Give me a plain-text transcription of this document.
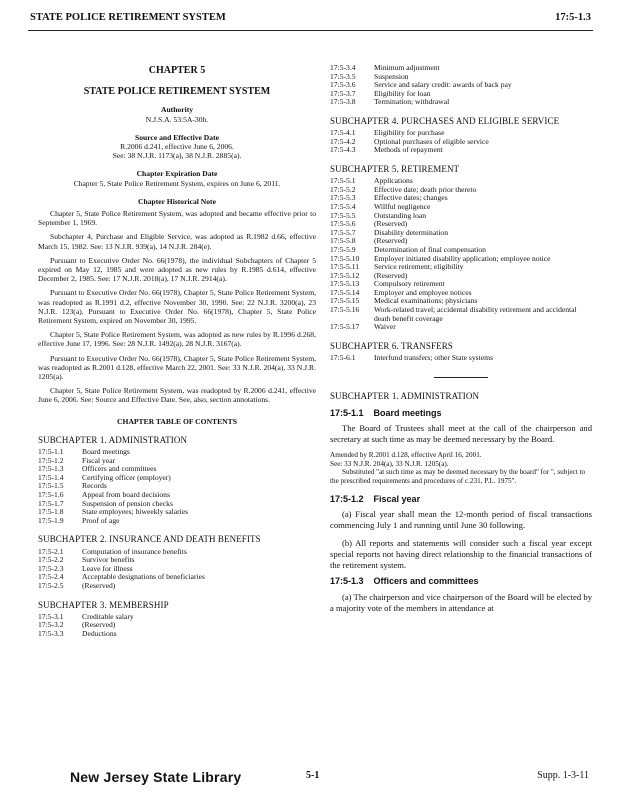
STATE POLICE RETIREMENT SYSTEM	17:5-1.3
CHAPTER 5
STATE POLICE RETIREMENT SYSTEM
Authority
N.J.S.A. 53:5A-30h.
Source and Effective Date
R.2006 d.241, effective June 6, 2006.
See: 38 N.J.R. 1173(a), 38 N.J.R. 2885(a).
Chapter Expiration Date
Chapter 5, State Police Retirement System, expires on June 6, 2011.
Chapter Historical Note

Chapter 5, State Police Retirement System, was adopted and became effective prior to September 1, 1969.

Subchapter 4, Purchase and Eligible Service, was adopted as R.1982 d.66, effective March 15, 1982. See: 13 N.J.R. 939(a), 14 N.J.R. 284(e).

Pursuant to Executive Order No. 66(1978), the individual Subchapters of Chapter 5 expired on May 12, 1985 and were adopted as new rules by R.1985 d.614, effective December 2, 1985. See: 17 N.J.R. 2018(a), 17 N.J.R. 2914(a).

Pursuant to Executive Order No. 66(1978), Chapter 5, State Police Retirement System, was readopted as R.1991 d.2, effective November 30, 1990. See: 22 N.J.R. 3200(a), 23 N.J.R. 123(a). Pursuant to Executive Order No. 66(1978), Chapter 5, State Police Retirement System, expired on November 30, 1995.

Chapter 5, State Police Retirement System, was adopted as new rules by R.1996 d.268, effective June 17, 1996. See: 28 N.J.R. 1492(a), 28 N.J.R. 3167(a).

Pursuant to Executive Order No. 66(1978), Chapter 5, State Police Retirement System, was readopted as R.2001 d.128, effective March 22, 2001. See: 33 N.J.R. 204(a), 33 N.J.R. 1205(a).

Chapter 5, State Police Retirement System, was readopted by R.2006 d.241, effective June 6, 2006. See: Source and Effective Date. See, also, section annotations.

CHAPTER TABLE OF CONTENTS
SUBCHAPTER 1. ADMINISTRATION
17:5-1.1	Board meetings
17:5-1.2	Fiscal year
17:5-1.3	Officers and committees
17:5-1.4	Certifying officer (employer)
17:5-1.5	Records
17:5-1.6	Appeal from board decisions
17:5-1.7	Suspension of pension checks
17:5-1.8	State employees; biweekly salaries
17:5-1.9	Proof of age
SUBCHAPTER 2. INSURANCE AND DEATH BENEFITS
17:5-2.1	Computation of insurance benefits
17:5-2.2	Survivor benefits
17:5-2.3	Leave for illness
17:5-2.4	Acceptable designations of beneficiaries
17:5-2.5	(Reserved)
SUBCHAPTER 3. MEMBERSHIP
17:5-3.1	Creditable salary
17:5-3.2	(Reserved)
17:5-3.3	Deductions
17:5-3.4	Minimum adjustment
17:5-3.5	Suspension
17:5-3.6	Service and salary credit: awards of back pay
17:5-3.7	Eligibility for loan
17:5-3.8	Termination; withdrawal
SUBCHAPTER 4. PURCHASES AND ELIGIBLE SERVICE
17:5-4.1	Eligibility for purchase
17:5-4.2	Optional purchases of eligible service
17:5-4.3	Methods of repayment
SUBCHAPTER 5. RETIREMENT
17:5-5.1	Applications
17:5-5.2	Effective date; death prior thereto
17:5-5.3	Effective dates; changes
17:5-5.4	Willful negligence
17:5-5.5	Outstanding loan
17:5-5.6	(Reserved)
17:5-5.7	Disability determination
17:5-5.8	(Reserved)
17:5-5.9	Determination of final compensation
17:5-5.10	Employer initiated disability application; employee notice
17:5-5.11	Service retirement; eligibility
17:5-5.12	(Reserved)
17:5-5.13	Compulsory retirement
17:5-5.14	Employer and employee notices
17:5-5.15	Medical examinations; physicians
17:5-5.16	Work-related travel; accidental disability retirement and accidental death benefit coverage
17:5-5.17	Waiver
SUBCHAPTER 6. TRANSFERS
17:5-6.1	Interfund transfers; other State systems
SUBCHAPTER 1. ADMINISTRATION
17:5-1.1 Board meetings

The Board of Trustees shall meet at the call of the chairperson and secretary at such time as may be deemed necessary by the Board.

Amended by R.2001 d.128, effective April 16, 2001.
See: 33 N.J.R. 204(a), 33 N.J.R. 1205(a).
Substituted "at such time as may be deemed necessary by the board" for ", subject to the prescribed requirements and procedures of c.231, P.L. 1975".
17:5-1.2 Fiscal year

(a) Fiscal year shall mean the 12-month period of fiscal transactions commencing July 1 and running until June 30 following.

(b) All reports and statements will consider such a fiscal year except special reports not having direct relationship to the financial transactions of the retirement system.

17:5-1.3 Officers and committees

(a) The chairperson and vice chairperson of the Board will be elected by a majority vote of the members in attendance at

New Jersey State Library	5-1	Supp. 1-3-11
